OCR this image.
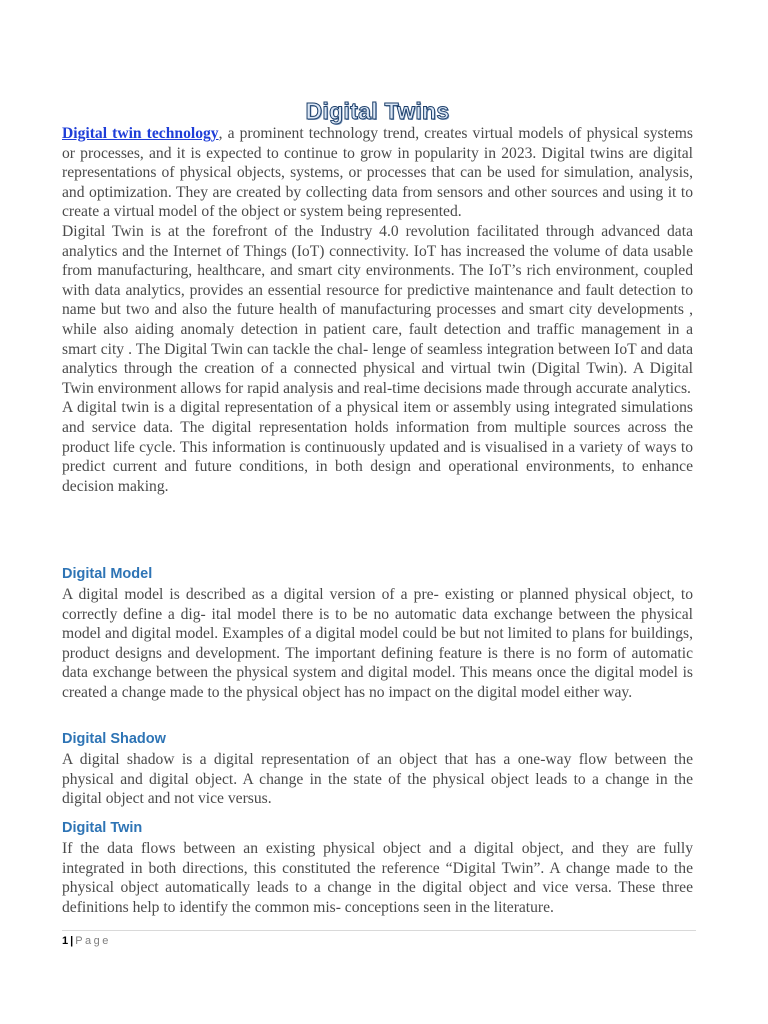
Digital Twins

Digital twin technology, a prominent technology trend, creates virtual models of physical systems or processes, and it is expected to continue to grow in popularity in 2023. Digital twins are digital representations of physical objects, systems, or processes that can be used for simulation, analysis, and optimization. They are created by collecting data from sensors and other sources and using it to create a virtual model of the object or system being represented.

Digital Twin is at the forefront of the Industry 4.0 revolution facilitated through advanced data analytics and the Internet of Things (IoT) connectivity. IoT has increased the volume of data usable from manufacturing, healthcare, and smart city environments. The IoT’s rich environment, coupled with data analytics, provides an essential resource for predictive maintenance and fault detection to name but two and also the future health of manufacturing processes and smart city developments , while also aiding anomaly detection in patient care, fault detection and traffic management in a smart city . The Digital Twin can tackle the chal- lenge of seamless integration between IoT and data analytics through the creation of a connected physical and virtual twin (Digital Twin). A Digital Twin environment allows for rapid analysis and real-time decisions made through accurate analytics.

A digital twin is a digital representation of a physical item or assembly using integrated simulations and service data. The digital representation holds information from multiple sources across the product life cycle. This information is continuously updated and is visualised in a variety of ways to predict current and future conditions, in both design and operational environments, to enhance decision making.

Digital Model
A digital model is described as a digital version of a pre- existing or planned physical object, to correctly define a dig- ital model there is to be no automatic data exchange between the physical model and digital model. Examples of a digital model could be but not limited to plans for buildings, product designs and development. The important defining feature is there is no form of automatic data exchange between the physical system and digital model. This means once the digital model is created a change made to the physical object has no impact on the digital model either way.
Digital Shadow
A digital shadow is a digital representation of an object that has a one-way flow between the physical and digital object. A change in the state of the physical object leads to a change in the digital object and not vice versus.
Digital Twin
If the data flows between an existing physical object and a digital object, and they are fully integrated in both directions, this constituted the reference “Digital Twin”. A change made to the physical object automatically leads to a change in the digital object and vice versa. These three definitions help to identify the common mis- conceptions seen in the literature.
1 | Page
